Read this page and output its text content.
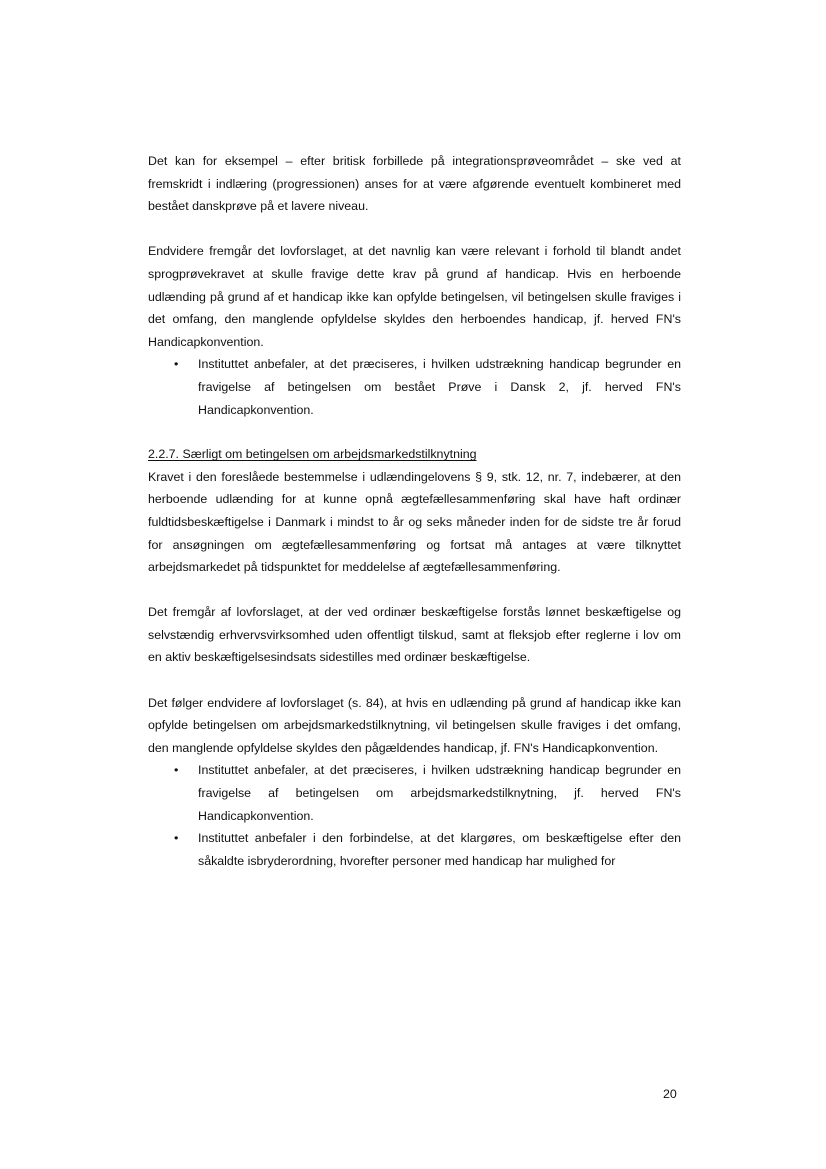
Det kan for eksempel – efter britisk forbillede på integrationsprøveområdet – ske ved at fremskridt i indlæring (progressionen) anses for at være afgørende eventuelt kombineret med bestået danskprøve på et lavere niveau.

Endvidere fremgår det lovforslaget, at det navnlig kan være relevant i forhold til blandt andet sprogprøvekravet at skulle fravige dette krav på grund af handicap. Hvis en herboende udlænding på grund af et handicap ikke kan opfylde betingelsen, vil betingelsen skulle fraviges i det omfang, den manglende opfyldelse skyldes den herboendes handicap, jf. herved FN's Handicapkonvention.

• Instituttet anbefaler, at det præciseres, i hvilken udstrækning handicap begrunder en fravigelse af betingelsen om bestået Prøve i Dansk 2, jf. herved FN's Handicapkonvention.

2.2.7. Særligt om betingelsen om arbejdsmarkedstilknytning

Kravet i den foreslåede bestemmelse i udlændingelovens § 9, stk. 12, nr. 7, indebærer, at den herboende udlænding for at kunne opnå ægtefællesammenføring skal have haft ordinær fuldtidsbeskæftigelse i Danmark i mindst to år og seks måneder inden for de sidste tre år forud for ansøgningen om ægtefællesammenføring og fortsat må antages at være tilknyttet arbejdsmarkedet på tidspunktet for meddelelse af ægtefællesammenføring.

Det fremgår af lovforslaget, at der ved ordinær beskæftigelse forstås lønnet beskæftigelse og selvstændig erhvervsvirksomhed uden offentligt tilskud, samt at fleksjob efter reglerne i lov om en aktiv beskæftigelsesindsats sidestilles med ordinær beskæftigelse.

Det følger endvidere af lovforslaget (s. 84), at hvis en udlænding på grund af handicap ikke kan opfylde betingelsen om arbejdsmarkedstilknytning, vil betingelsen skulle fraviges i det omfang, den manglende opfyldelse skyldes den pågældendes handicap, jf. FN's Handicapkonvention.

• Instituttet anbefaler, at det præciseres, i hvilken udstrækning handicap begrunder en fravigelse af betingelsen om arbejdsmarkedstilknytning, jf. herved FN's Handicapkonvention.

• Instituttet anbefaler i den forbindelse, at det klargøres, om beskæftigelse efter den såkaldte isbryderordning, hvorefter personer med handicap har mulighed for

20
